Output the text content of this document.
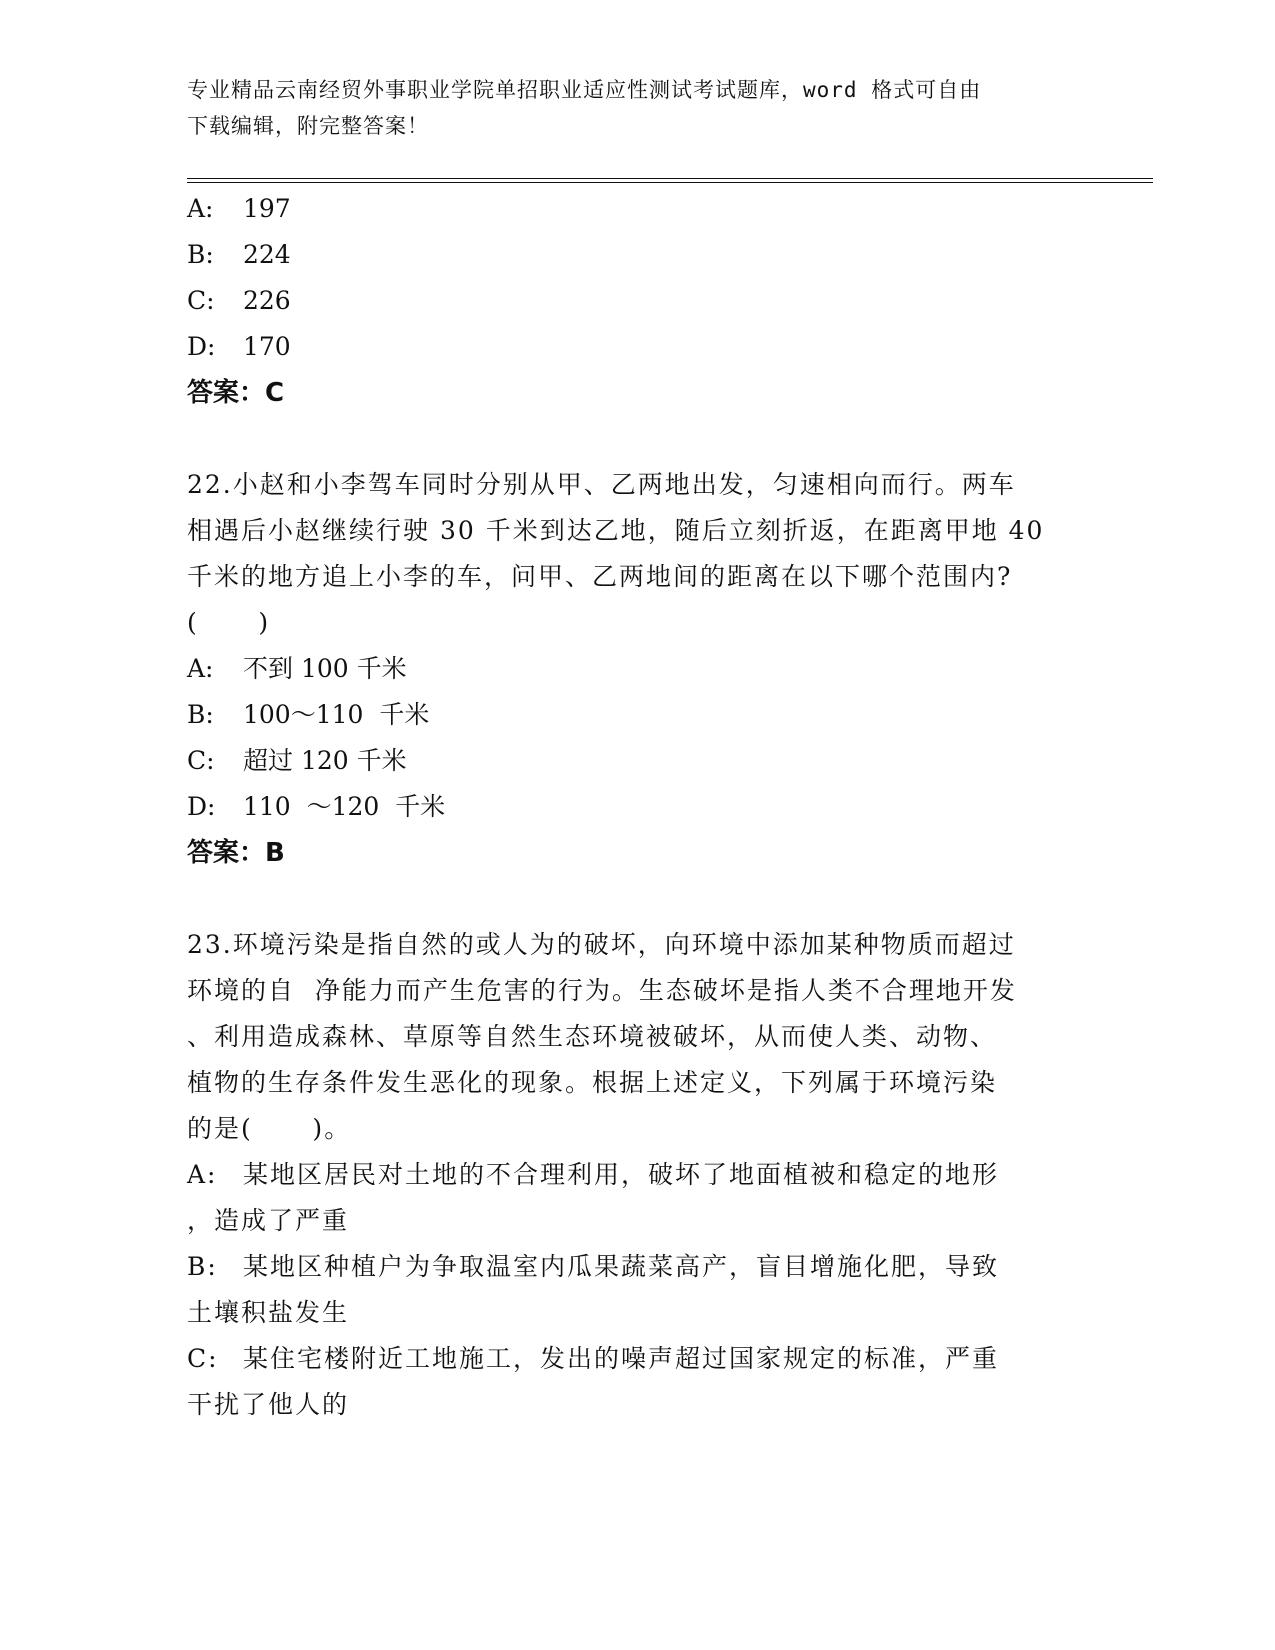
专业精品云南经贸外事职业学院单招职业适应性测试考试题库，word 格式可自由
下载编辑，附完整答案！
A: 197
B: 224
C: 226
D: 170
答案：C
22.小赵和小李驾车同时分别从甲、乙两地出发，匀速相向而行。两车
相遇后小赵继续行驶 30 千米到达乙地，随后立刻折返，在距离甲地 40
千米的地方追上小李的车，问甲、乙两地间的距离在以下哪个范围内?
(      )
A: 不到 100 千米
B: 100～110  千米
C: 超过 120 千米
D: 110  ～120  千米
答案：B
23.环境污染是指自然的或人为的破坏，向环境中添加某种物质而超过
环境的自  净能力而产生危害的行为。生态破坏是指人类不合理地开发
、利用造成森林、草原等自然生态环境被破坏，从而使人类、动物、
植物的生存条件发生恶化的现象。根据上述定义，下列属于环境污染
的是(      )。
A: 某地区居民对土地的不合理利用，破坏了地面植被和稳定的地形
，造成了严重
B: 某地区种植户为争取温室内瓜果蔬菜高产，盲目增施化肥，导致
土壤积盐发生
C: 某住宅楼附近工地施工，发出的噪声超过国家规定的标准，严重
干扰了他人的
